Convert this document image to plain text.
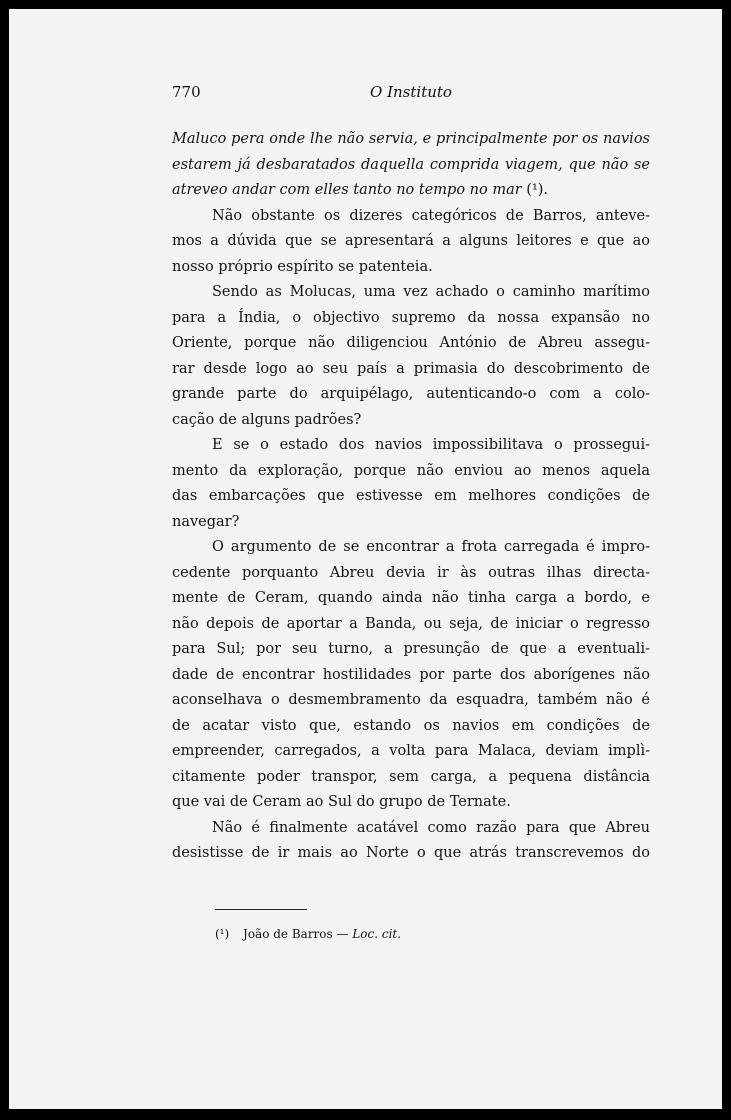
770	O Instituto

Maluco pera onde lhe não servia, e principalmente por os navios

estarem já desbaratados daquella comprida viagem, que não se

atreveo andar com elles tanto no tempo no mar (¹).

Não obstante os dizeres categóricos de Barros, anteve-

mos a dúvida que se apresentará a alguns leitores e que ao

nosso próprio espírito se patenteia.

Sendo as Molucas, uma vez achado o caminho marítimo

para a Índia, o objectivo supremo da nossa expansão no

Oriente, porque não diligenciou António de Abreu assegu-

rar desde logo ao seu país a primasia do descobrimento de

grande parte do arquipélago, autenticando-o com a colo-

cação de alguns padrões?

E se o estado dos navios impossibilitava o prossegui-

mento da exploração, porque não enviou ao menos aquela

das embarcações que estivesse em melhores condições de

navegar?

O argumento de se encontrar a frota carregada é impro-

cedente porquanto Abreu devia ir às outras ilhas directa-

mente de Ceram, quando ainda não tinha carga a bordo, e

não depois de aportar a Banda, ou seja, de iniciar o regresso

para Sul; por seu turno, a presunção de que a eventuali-

dade de encontrar hostilidades por parte dos aborígenes não

aconselhava o desmembramento da esquadra, também não é

de acatar visto que, estando os navios em condições de

empreender, carregados, a volta para Malaca, deviam implì-

citamente poder transpor, sem carga, a pequena distância

que vai de Ceram ao Sul do grupo de Ternate.

Não é finalmente acatável como razão para que Abreu

desistisse de ir mais ao Norte o que atrás transcrevemos do

(¹) João de Barros — Loc. cit.
